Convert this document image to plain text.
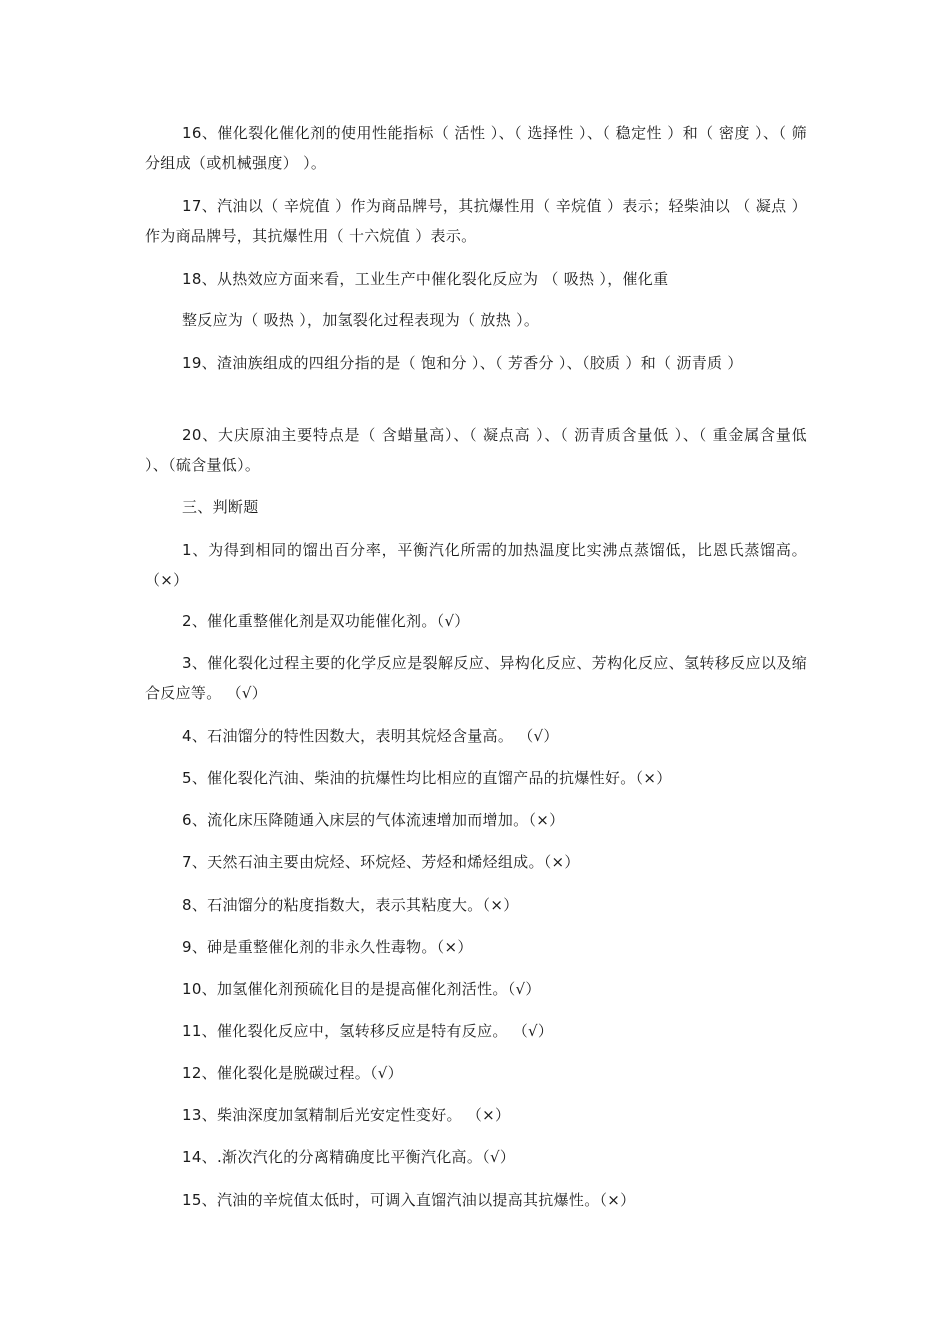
16、催化裂化催化剂的使用性能指标（ 活性 ）、（ 选择性 ）、（ 稳定性 ）和（ 密度 ）、（ 筛分组成（或机械强度） ）。

17、汽油以（ 辛烷值 ）作为商品牌号，其抗爆性用（ 辛烷值 ）表示；轻柴油以 （ 凝点 ）作为商品牌号，其抗爆性用（ 十六烷值 ）表示。

18、从热效应方面来看，工业生产中催化裂化反应为 （ 吸热 ），催化重
整反应为（ 吸热 ），加氢裂化过程表现为（ 放热 ）。

19、渣油族组成的四组分指的是（ 饱和分 ）、（ 芳香分 ）、（胶质 ）和（ 沥青质 ）

20、大庆原油主要特点是（ 含蜡量高）、（ 凝点高 ）、（ 沥青质含量低 ）、（ 重金属含量低 ）、（硫含量低）。

三、判断题

1、为得到相同的馏出百分率，平衡汽化所需的加热温度比实沸点蒸馏低，比恩氏蒸馏高。 （×）

2、催化重整催化剂是双功能催化剂。（√）

3、催化裂化过程主要的化学反应是裂解反应、异构化反应、芳构化反应、氢转移反应以及缩合反应等。 （√）

4、石油馏分的特性因数大，表明其烷烃含量高。 （√）
5、催化裂化汽油、柴油的抗爆性均比相应的直馏产品的抗爆性好。（×）
6、流化床压降随通入床层的气体流速增加而增加。（×）
7、天然石油主要由烷烃、环烷烃、芳烃和烯烃组成。（×）
8、石油馏分的粘度指数大，表示其粘度大。（×）
9、砷是重整催化剂的非永久性毒物。（×）
10、加氢催化剂预硫化目的是提高催化剂活性。（√）
11、催化裂化反应中，氢转移反应是特有反应。 （√）
12、催化裂化是脱碳过程。（√）
13、柴油深度加氢精制后光安定性变好。 （×）
14、.渐次汽化的分离精确度比平衡汽化高。（√）
15、汽油的辛烷值太低时，可调入直馏汽油以提高其抗爆性。（×）
